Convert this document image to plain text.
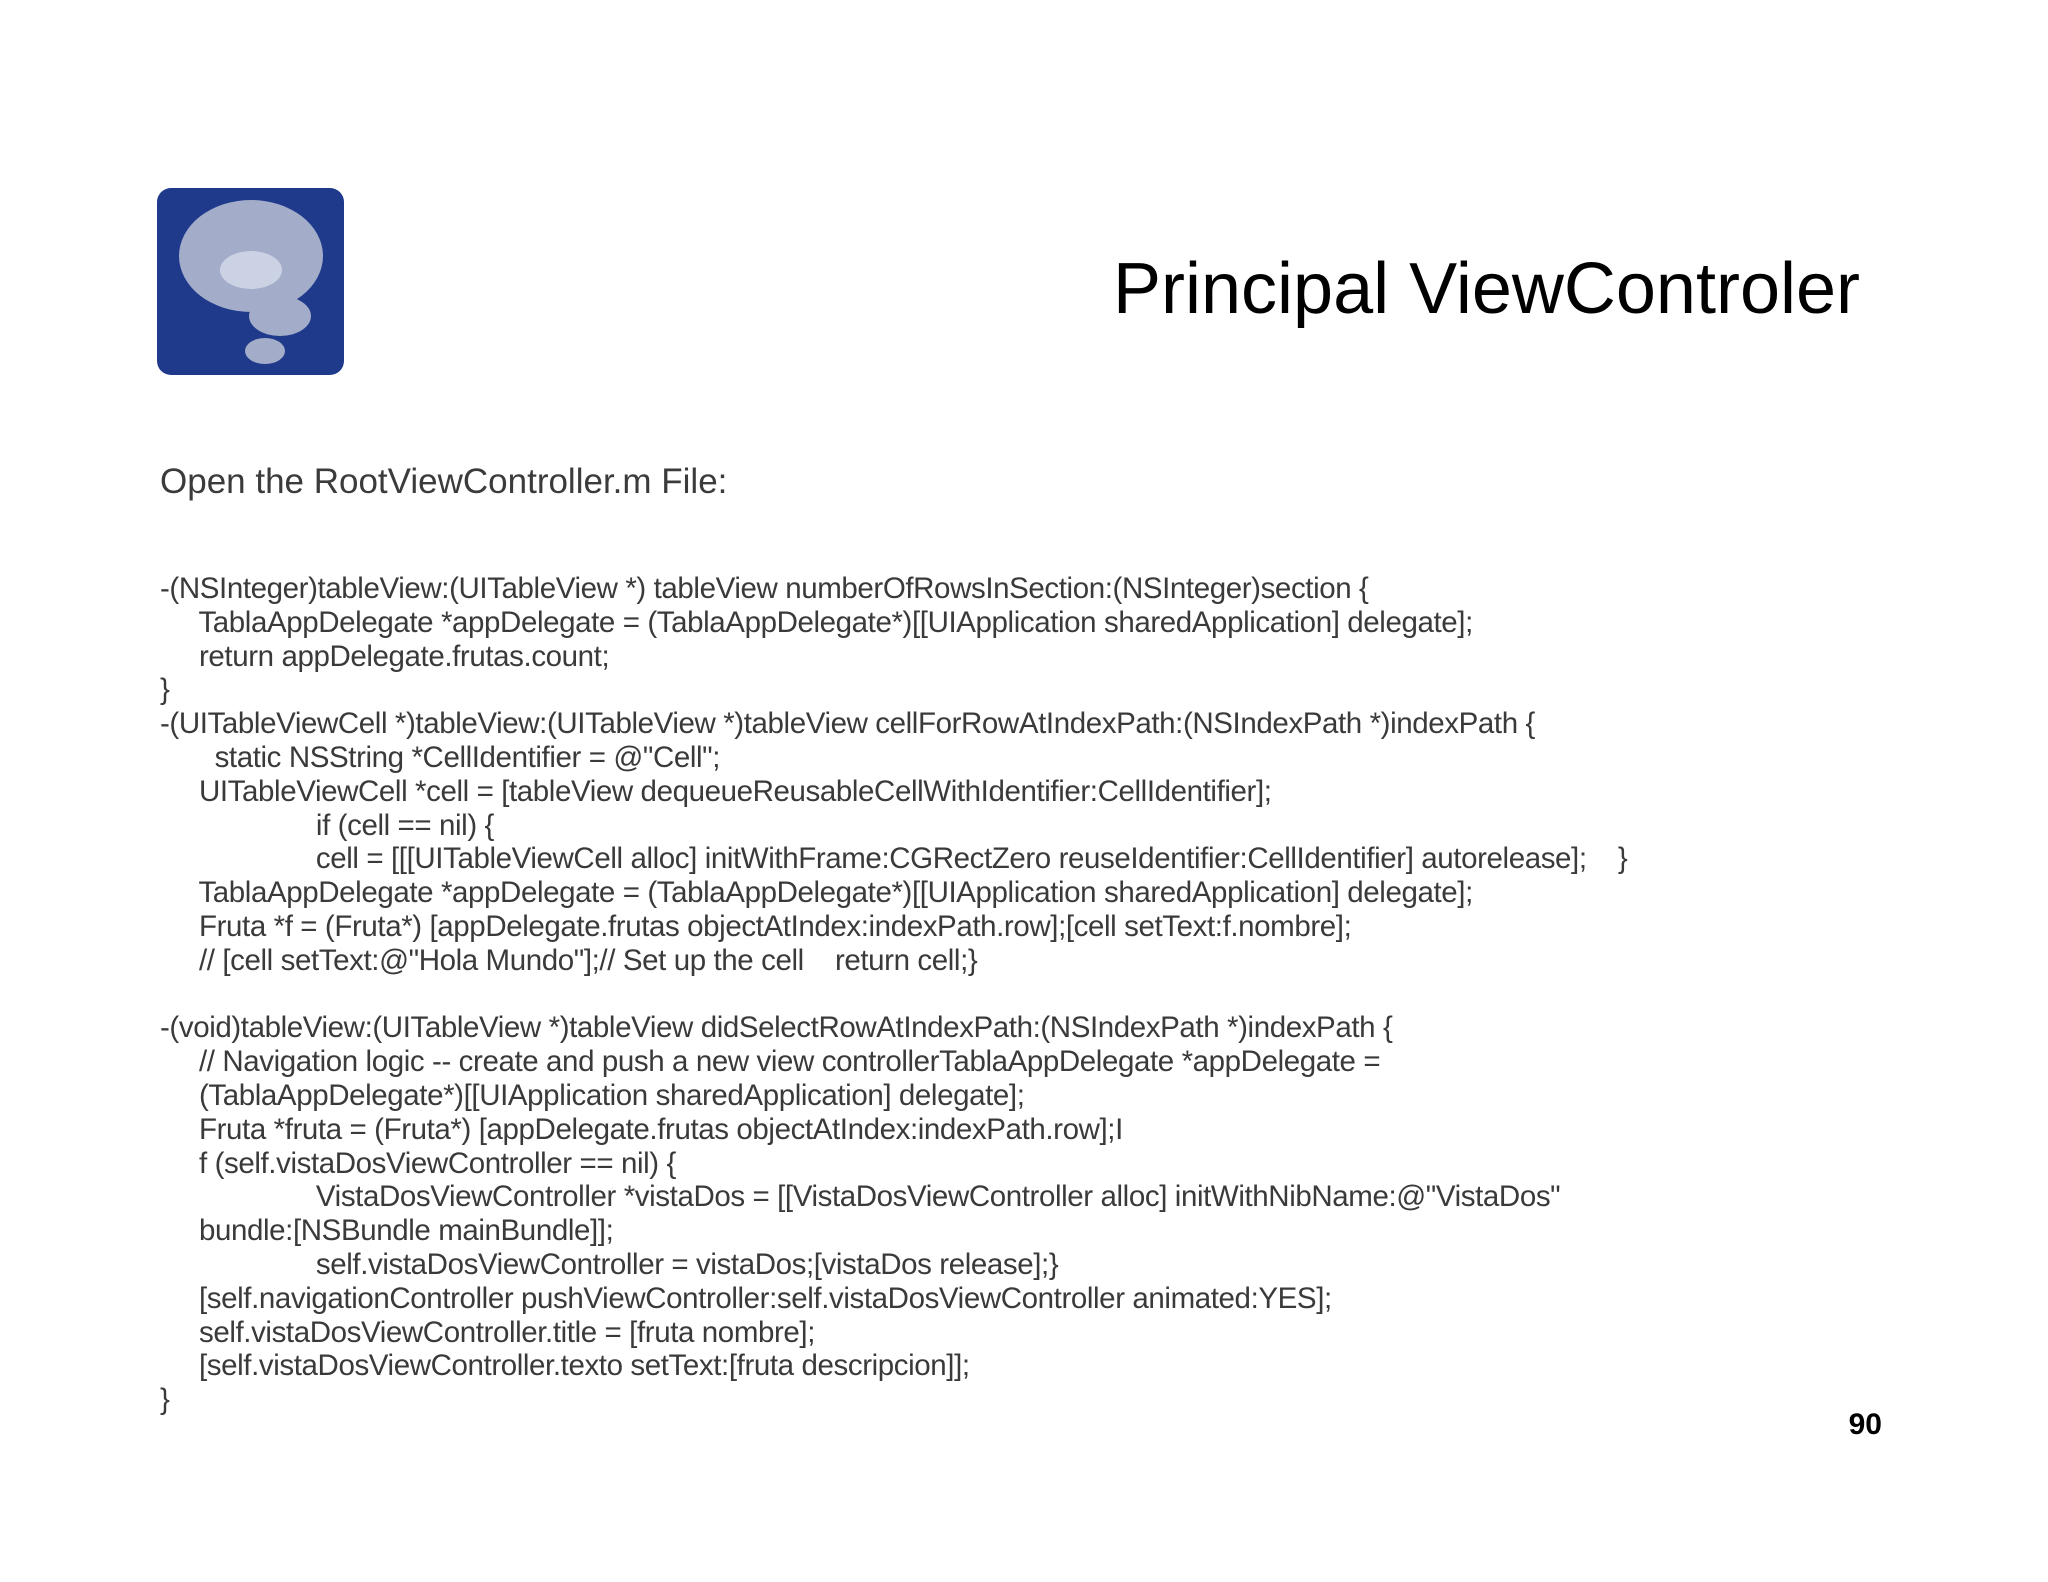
Principal ViewControler
Open the RootViewController.m File:
-(NSInteger)tableView:(UITableView *) tableView numberOfRowsInSection:(NSInteger)section {
TablaAppDelegate *appDelegate = (TablaAppDelegate*)[[UIApplication sharedApplication] delegate];
return appDelegate.frutas.count;
}
-(UITableViewCell *)tableView:(UITableView *)tableView cellForRowAtIndexPath:(NSIndexPath *)indexPath {
static NSString *CellIdentifier = @"Cell";
UITableViewCell *cell = [tableView dequeueReusableCellWithIdentifier:CellIdentifier];
if (cell == nil) {
cell = [[[UITableViewCell alloc] initWithFrame:CGRectZero reuseIdentifier:CellIdentifier] autorelease];    }
TablaAppDelegate *appDelegate = (TablaAppDelegate*)[[UIApplication sharedApplication] delegate];
Fruta *f = (Fruta*) [appDelegate.frutas objectAtIndex:indexPath.row];[cell setText:f.nombre];
// [cell setText:@"Hola Mundo"];// Set up the cell    return cell;}
-(void)tableView:(UITableView *)tableView didSelectRowAtIndexPath:(NSIndexPath *)indexPath {
// Navigation logic -- create and push a new view controllerTablaAppDelegate *appDelegate =
(TablaAppDelegate*)[[UIApplication sharedApplication] delegate];
Fruta *fruta = (Fruta*) [appDelegate.frutas objectAtIndex:indexPath.row];I
f (self.vistaDosViewController == nil) {
VistaDosViewController *vistaDos = [[VistaDosViewController alloc] initWithNibName:@"VistaDos"
bundle:[NSBundle mainBundle]];
self.vistaDosViewController = vistaDos;[vistaDos release];}
[self.navigationController pushViewController:self.vistaDosViewController animated:YES];
self.vistaDosViewController.title = [fruta nombre];
[self.vistaDosViewController.texto setText:[fruta descripcion]];
}
90
